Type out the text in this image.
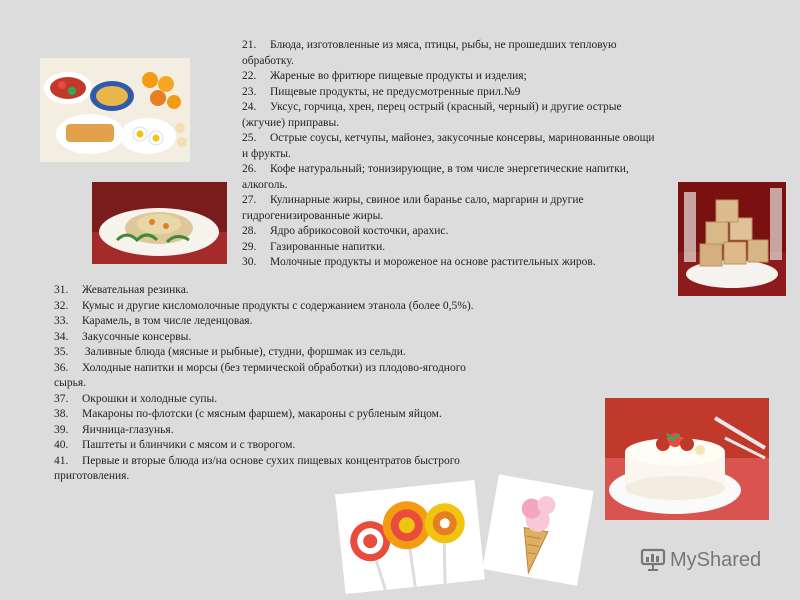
21. Блюда, изготовленные из мяса, птицы, рыбы, не прошедших тепловую
обработку.
22. Жареные во фритюре пищевые продукты и изделия;
23. Пищевые продукты, не предусмотренные прил.№9
24. Уксус, горчица, хрен, перец острый (красный, черный) и другие острые
(жгучие) приправы.
25. Острые соусы, кетчупы, майонез, закусочные консервы, маринованные овощи
и фрукты.
26. Кофе натуральный; тонизирующие, в том числе энергетические напитки,
алкоголь.
27. Кулинарные жиры, свиное или баранье сало, маргарин и другие
гидрогенизированные жиры.
28. Ядро абрикосовой косточки, арахис.
29. Газированные напитки.
30. Молочные продукты и мороженое на основе растительных жиров.
31. Жевательная резинка.
32. Кумыс и другие кисломолочные продукты с содержанием этанола (более 0,5%).
33. Карамель, в том числе леденцовая.
34. Закусочные консервы.
35. Заливные блюда (мясные и рыбные), студни, форшмак из сельди.
36. Холодные напитки и морсы (без термической обработки) из плодово-ягодного
сырья.
37. Окрошки и холодные супы.
38. Макароны по-флотски (с мясным фаршем), макароны с рубленым яйцом.
39. Яичница-глазунья.
40. Паштеты и блинчики с мясом и с творогом.
41. Первые и вторые блюда из/на основе сухих пищевых концентратов быстрого
приготовления.
MyShared
